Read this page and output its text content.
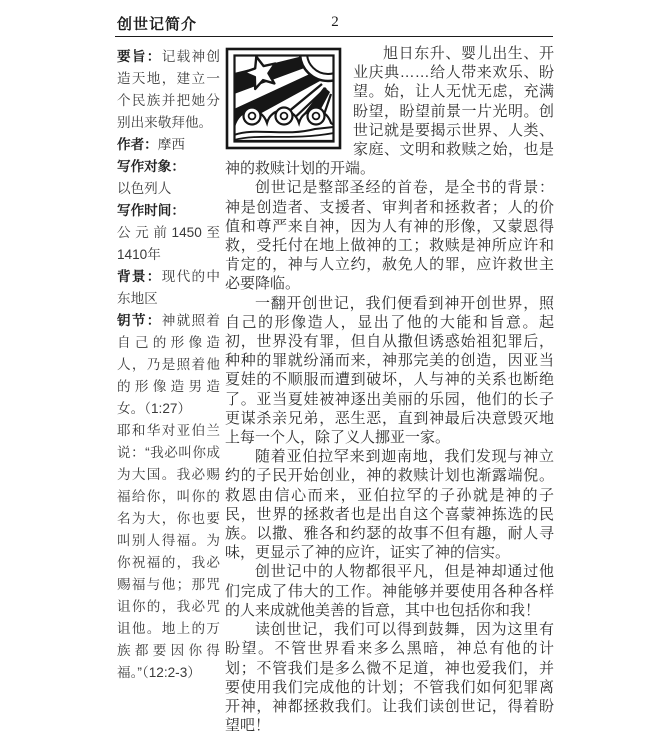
创世记简介	2
要旨：记载神创造天地，建立一个民族并把她分别出来敬拜他。
作者：摩西
写作对象：
以色列人
写作时间：
公元前1450至1410年
背景：现代的中东地区
钥节：神就照着自己的形像造人，乃是照着他的形像造男造女。（1:27）
耶和华对亚伯兰说：“我必叫你成为大国。我必赐福给你，叫你的名为大，你也要叫别人得福。为你祝福的，我必赐福与他；那咒诅你的，我必咒诅他。地上的万族都要因你得福。”（12:2-3）

旭日东升、婴儿出生、开业庆典……给人带来欢乐、盼望。始，让人无忧无虑，充满盼望，盼望前景一片光明。创世记就是要揭示世界、人类、家庭、文明和救赎之始，也是神的救赎计划的开端。

创世记是整部圣经的首卷，是全书的背景：神是创造者、支援者、审判者和拯救者；人的价值和尊严来自神，因为人有神的形像，又蒙恩得救，受托付在地上做神的工；救赎是神所应许和肯定的，神与人立约，赦免人的罪，应许救世主必要降临。

一翻开创世记，我们便看到神开创世界，照自己的形像造人，显出了他的大能和旨意。起初，世界没有罪，但自从撒但诱惑始祖犯罪后，种种的罪就纷涌而来，神那完美的创造，因亚当夏娃的不顺服而遭到破坏，人与神的关系也断绝了。亚当夏娃被神逐出美丽的乐园，他们的长子更谋杀亲兄弟，恶生恶，直到神最后决意毁灭地上每一个人，除了义人挪亚一家。

随着亚伯拉罕来到迦南地，我们发现与神立约的子民开始创业，神的救赎计划也渐露端倪。救恩由信心而来，亚伯拉罕的子孙就是神的子民，世界的拯救者也是出自这个喜蒙神拣选的民族。以撒、雅各和约瑟的故事不但有趣，耐人寻味，更显示了神的应许，证实了神的信实。

创世记中的人物都很平凡，但是神却通过他们完成了伟大的工作。神能够并要使用各种各样的人来成就他美善的旨意，其中也包括你和我！

读创世记，我们可以得到鼓舞，因为这里有盼望。不管世界看来多么黑暗，神总有他的计划；不管我们是多么微不足道，神也爱我们，并要使用我们完成他的计划；不管我们如何犯罪离开神，神都拯救我们。让我们读创世记，得着盼望吧！
